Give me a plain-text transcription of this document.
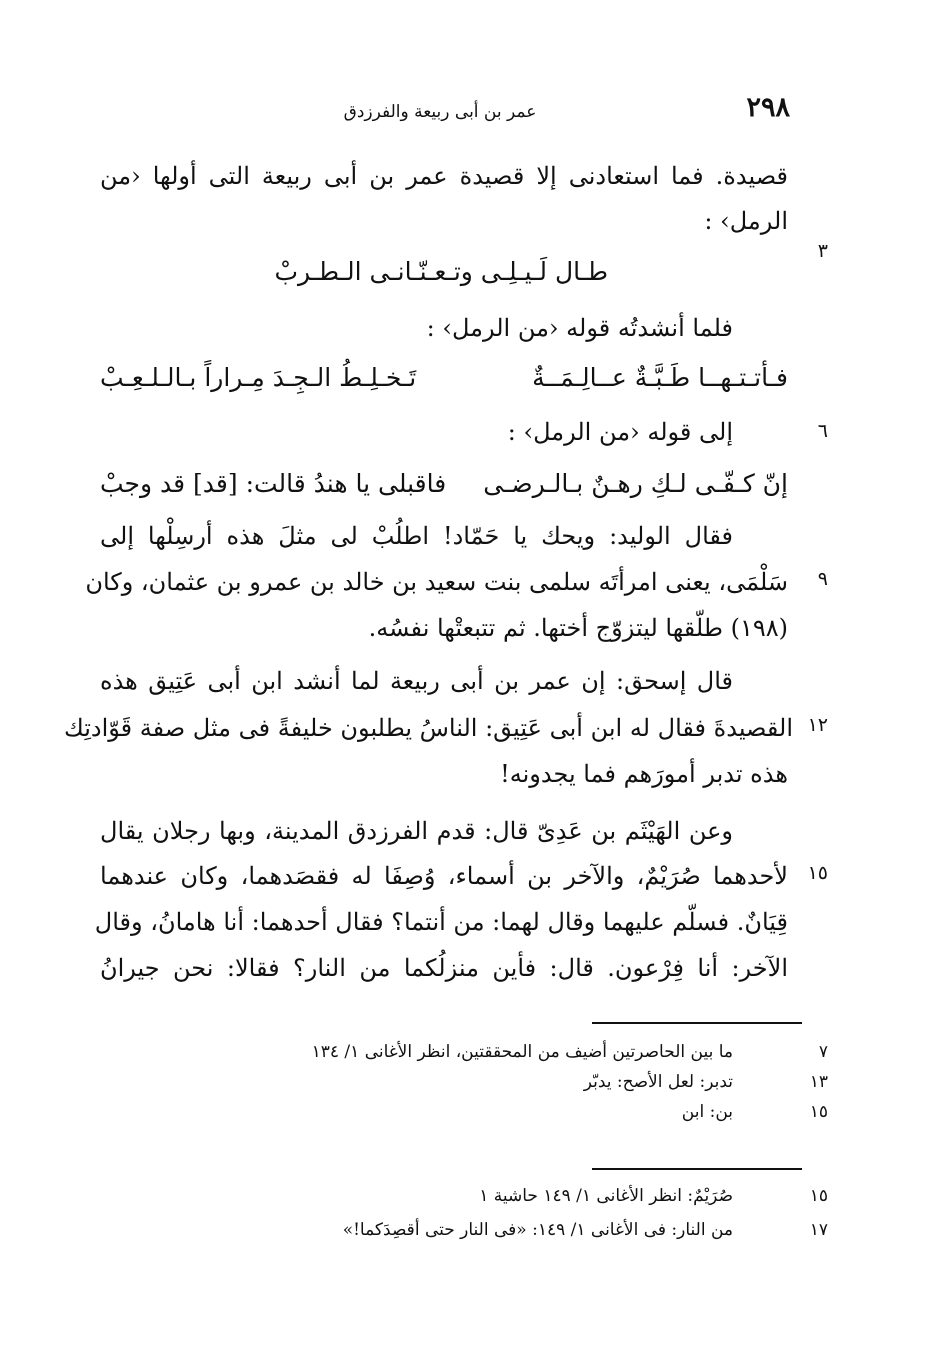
٢٩٨
عمر بن أبى ربيعة والفرزدق
قصيدة. فما استعادنى إلا قصيدة عمر بن أبى ربيعة التى أولها ‹من
الرمل› :
٣
طـال لَـيـلِـى وتـعـنّـانـى الـطـربْ
فلما أنشدتُه قوله ‹من الرمل› :
فـأتـتـهــا طَـبَّـةٌ عــالِـمَــةٌ
تَـخـلِـطُ الـجِـدَ مِـراراً بـالـلـعِـبْ
٦
إلى قوله ‹من الرمل› :
إنّ كـفّـى لـكِ رهـنٌ بـالـرضـى
فاقبلى يا هندُ قالت: [قد] قد وجبْ
فقال الوليد: ويحك يا حَمّاد! اطلُبْ لى مثلَ هذه أرسِلْها إلى
٩
سَلْمَى، يعنى امرأتَه سلمى بنت سعيد بن خالد بن عمرو بن عثمان، وكان
(١٩٨) طلّقها ليتزوّج أختها. ثم تتبعتْها نفسُه.
قال إسحق: إن عمر بن أبى ربيعة لما أنشد ابن أبى عَتِيق هذه
١٢
القصيدةَ فقال له ابن أبى عَتِيق: الناسُ يطلبون خليفةً فى مثل صفة قَوّادتِك
هذه تدبر أمورَهم فما يجدونه!
وعن الهَيْثَم بن عَدِىّ قال: قدم الفرزدق المدينة، وبها رجلان يقال
١٥
لأحدهما صُرَيْمٌ، والآخر بن أسماء، وُصِفَا له فقصَدهما، وكان عندهما
قِيَانٌ. فسلّم عليهما وقال لهما: من أنتما؟ فقال أحدهما: أنا هامانُ، وقال
الآخر: أنا فِرْعون. قال: فأين منزلُكما من النار؟ فقالا: نحن جيرانُ
٧
ما بين الحاصرتين أضيف من المحققتين، انظر الأغانى ١/ ١٣٤
١٣
تدبر: لعل الأصح: يدبّر
١٥
بن: ابن
١٥
صُرَيْمٌ: انظر الأغانى ١/ ١٤٩ حاشية ١
١٧
من النار: فى الأغانى ١/ ١٤٩: «فى النار حتى أقصِدَكما!»
